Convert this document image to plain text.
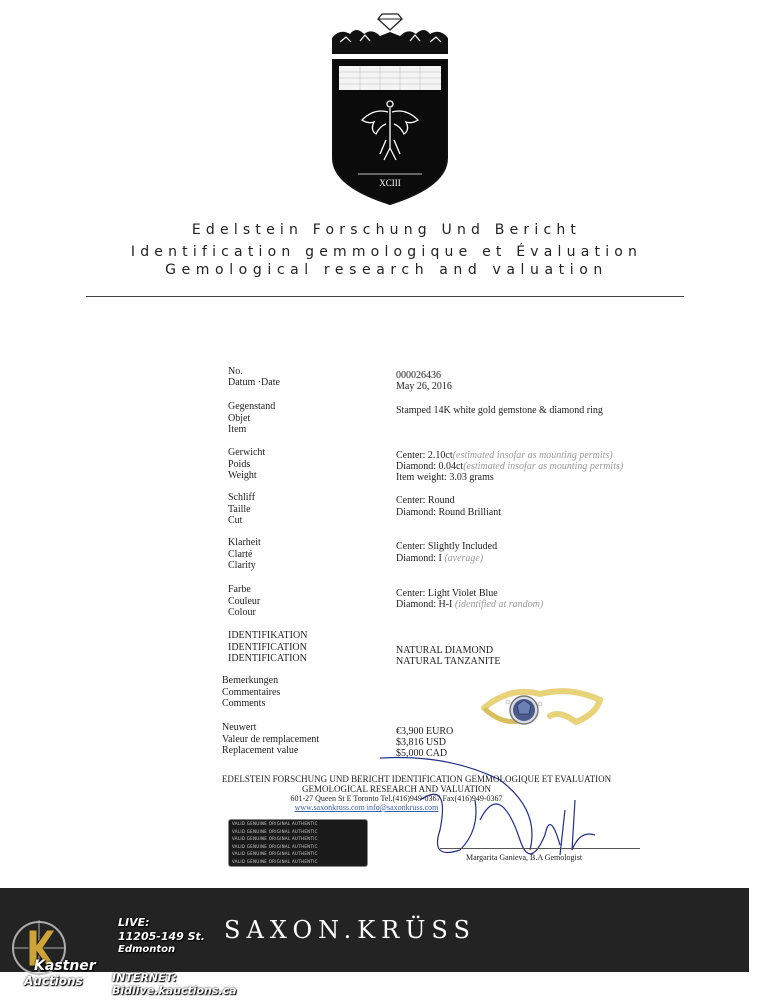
XCIII
Edelstein Forschung Und Bericht
Identification gemmologique et Évaluation
Gemological research and valuation
No.
Datum ·Date
000026436
May 26, 2016
Gegenstand
Objet
Item
Stamped 14K white gold gemstone & diamond ring
Gerwicht
Poids
Weight
Center: 2.10ct(estimated insofar as mounting permits)
Diamond: 0.04ct(estimated insofar as mounting permits)
Item weight: 3.03 grams
Schliff
Taille
Cut
Center: Round
Diamond: Round Brilliant
Klarheit
Clarté
Clarity
Center: Slightly Included
Diamond: I (average)
Farbe
Couleur
Colour
Center: Light Violet Blue
Diamond: H-I (identified at random)
IDENTIFIKATION
IDENTIFICATION
IDENTIFICATION
NATURAL DIAMOND
NATURAL TANZANITE
Bemerkungen
Commentaires
Comments
Neuwert
Valeur de remplacement
Replacement value
€3,900 EURO
$3,816 USD
$5,000 CAD
EDELSTEIN FORSCHUNG UND BERICHT IDENTIFICATION GEMMOLOGIQUE ET EVALUATION
GEMOLOGICAL RESEARCH AND VALUATION
601-27 Queen St E Toronto Tel.(416)949-0367 Fax(416)949-0367
www.saxonkruss.com info@saxonkruss.com
VALID GENUINE ORIGINAL AUTHENTIC
VALID GENUINE ORIGINAL AUTHENTIC
VALID GENUINE ORIGINAL AUTHENTIC
VALID GENUINE ORIGINAL AUTHENTIC
VALID GENUINE ORIGINAL AUTHENTIC
VALID GENUINE ORIGINAL AUTHENTIC	Margarita Ganieva, B.A Gemologist
SAXON.KRÜSS
Kastner
Auctions
LIVE:
11205-149 St.
Edmonton
INTERNET:
Bidlive.kauctions.ca
